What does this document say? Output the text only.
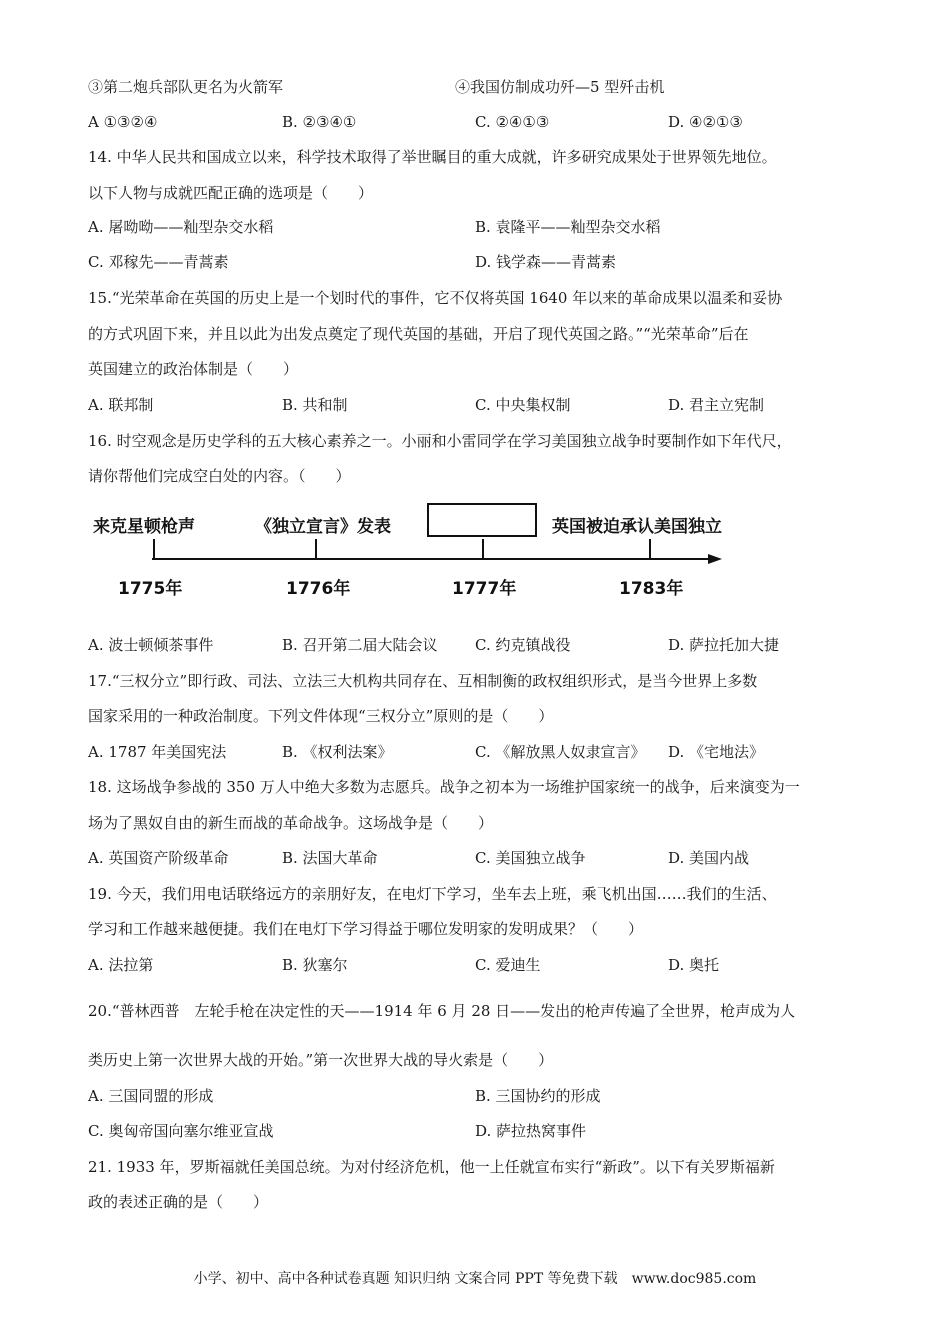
③第二炮兵部队更名为火箭军	④我国仿制成功歼—5 型歼击机
A ①③②④	B. ②③④①	C. ②④①③	D. ④②①③
14. 中华人民共和国成立以来，科学技术取得了举世瞩目的重大成就，许多研究成果处于世界领先地位。
以下人物与成就匹配正确的选项是（　　）
A. 屠呦呦——籼型杂交水稻	B. 袁隆平——籼型杂交水稻
C. 邓稼先——青蒿素	D. 钱学森——青蒿素
15.“光荣革命在英国的历史上是一个划时代的事件，它不仅将英国 1640 年以来的革命成果以温柔和妥协
的方式巩固下来，并且以此为出发点奠定了现代英国的基础，开启了现代英国之路。”“光荣革命”后在
英国建立的政治体制是（　　）
A. 联邦制	B. 共和制	C. 中央集权制	D. 君主立宪制
16. 时空观念是历史学科的五大核心素养之一。小丽和小雷同学在学习美国独立战争时要制作如下年代尺，
请你帮他们完成空白处的内容。（　　）
来克星顿枪声	《独立宣言》发表	英国被迫承认美国独立
1775年	1776年	1777年	1783年
A. 波士顿倾茶事件	B. 召开第二届大陆会议 C. 约克镇战役	D. 萨拉托加大捷
17.“三权分立”即行政、司法、立法三大机构共同存在、互相制衡的政权组织形式，是当今世界上多数
国家采用的一种政治制度。下列文件体现“三权分立”原则的是（　　）
A. 1787 年美国宪法	B. 《权利法案》	C. 《解放黑人奴隶宣言》 D. 《宅地法》
18. 这场战争参战的 350 万人中绝大多数为志愿兵。战争之初本为一场维护国家统一的战争，后来演变为一
场为了黑奴自由的新生而战的革命战争。这场战争是（　　）
A. 英国资产阶级革命	B. 法国大革命	C. 美国独立战争	D. 美国内战
19. 今天，我们用电话联络远方的亲朋好友，在电灯下学习，坐车去上班，乘飞机出国……我们的生活、
学习和工作越来越便捷。我们在电灯下学习得益于哪位发明家的发明成果？（　　）
A. 法拉第	B. 狄塞尔	C. 爱迪生	D. 奥托
20.“普林西普　左轮手枪在决定性的天——1914 年 6 月 28 日——发出的枪声传遍了全世界，枪声成为人
类历史上第一次世界大战的开始。”第一次世界大战的导火索是（　　）
A. 三国同盟的形成	B. 三国协约的形成
C. 奥匈帝国向塞尔维亚宣战	D. 萨拉热窝事件
21. 1933 年，罗斯福就任美国总统。为对付经济危机，他一上任就宣布实行“新政”。以下有关罗斯福新
政的表述正确的是（　　）
小学、初中、高中各种试卷真题 知识归纳 文案合同 PPT 等免费下载　www.doc985.com
